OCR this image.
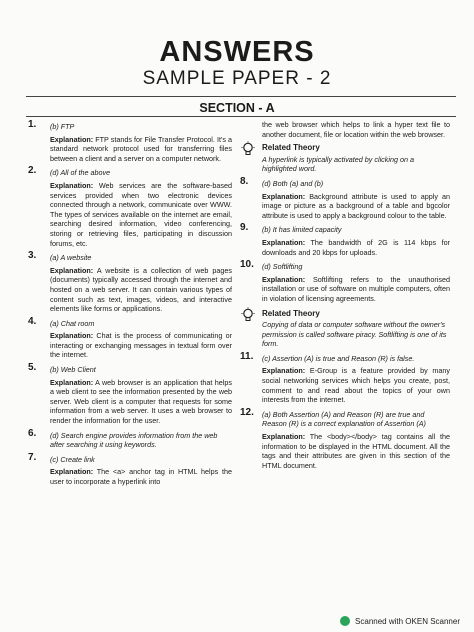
ANSWERS
SAMPLE PAPER - 2
SECTION - A
1. (b) FTP

Explanation: FTP stands for File Transfer Protocol. It's a standard network protocol used for transferring files between a client and a server on a computer network.

2. (d) All of the above

Explanation: Web services are the software-based services provided when two electronic devices connected through a network, communicate over WWW. The types of services available on the internet are email, searching desired information, video conferencing, storing or retrieving files, participating in discussion forums, etc.

3. (a) A website

Explanation: A website is a collection of web pages (documents) typically accessed through the internet and hosted on a web server. It can contain various types of content such as text, images, videos, and interactive elements like forms or applications.

4. (a) Chat room

Explanation: Chat is the process of communicating or interacting or exchanging messages in textual form over the internet.

5. (b) Web Client

Explanation: A web browser is an application that helps a web client to see the information presented by the web server. Web client is a computer that requests for some information from a web server. It uses a web browser to render the information for the user.

6. (d) Search engine provides information from the web after searching it using keywords.
7. (c) Create link

Explanation: The <a> anchor tag in HTML helps the user to incorporate a hyperlink into

the web browser which helps to link a hyper text file to another document, file or location within the web browser.

Related Theory
A hyperlink is typically activated by clicking on a highlighted word.
8. (d) Both (a) and (b)

Explanation: Background attribute is used to apply an image or picture as a background of a table and bgcolor attribute is used to apply a background colour to the table.

9. (b) It has limited capacity

Explanation: The bandwidth of 2G is 114 kbps for downloads and 20 kbps for uploads.

10. (d) Softlifting

Explanation: Softlifting refers to the unauthorised installation or use of software on multiple computers, often in violation of licensing agreements.

Related Theory
Copying of data or computer software without the owner's permission is called software piracy. Softlifting is one of its form.
11. (c) Assertion (A) is true and Reason (R) is false.

Explanation: E-Group is a feature provided by many social networking services which helps you create, post, comment to and read about the topics of your own interests from the internet.

12. (a) Both Assertion (A) and Reason (R) are true and Reason (R) is a correct explanation of Assertion (A)

Explanation: The <body></body> tag contains all the information to be displayed in the HTML document. All the tags and their attributes are given in this section of the HTML document.

Scanned with OKEN Scanner
